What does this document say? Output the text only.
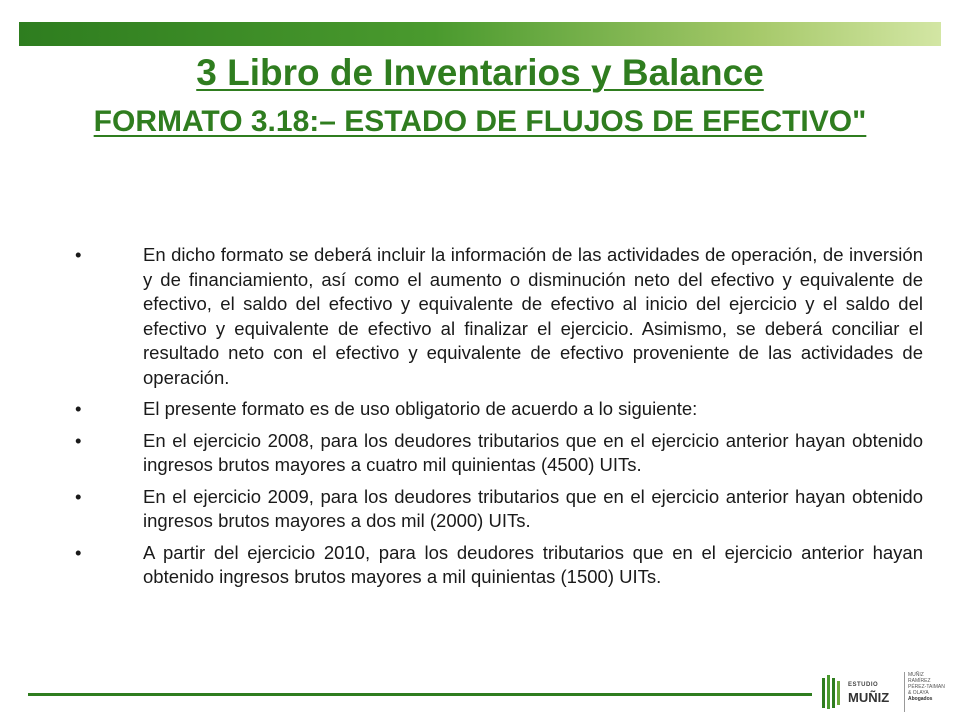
3 Libro de Inventarios y Balance
FORMATO 3.18:– ESTADO DE FLUJOS DE EFECTIVO"
•	En dicho formato se deberá incluir la información de las actividades de operación, de inversión y de financiamiento, así como el aumento o disminución neto del efectivo y equivalente de efectivo, el saldo del efectivo y equivalente de efectivo al inicio del ejercicio y el saldo del efectivo y equivalente de efectivo al finalizar el ejercicio. Asimismo, se deberá conciliar el resultado neto con el efectivo y equivalente de efectivo proveniente de las actividades de operación.
•	El presente formato es de uso obligatorio de acuerdo a lo siguiente:
•	En el ejercicio 2008, para los deudores tributarios que en el ejercicio anterior hayan obtenido ingresos brutos mayores a cuatro mil quinientas (4500) UITs.
•	En el ejercicio 2009, para los deudores tributarios que en el ejercicio anterior hayan obtenido ingresos brutos mayores a dos mil (2000) UITs.
•	A partir del ejercicio 2010, para los deudores tributarios que en el ejercicio anterior hayan obtenido ingresos brutos mayores a mil quinientas (1500) UITs.
ESTUDIO
MUÑIZ
MUÑIZ
RAMÍREZ
PÉREZ-TAIMAN
& OLAYA
Abogados
